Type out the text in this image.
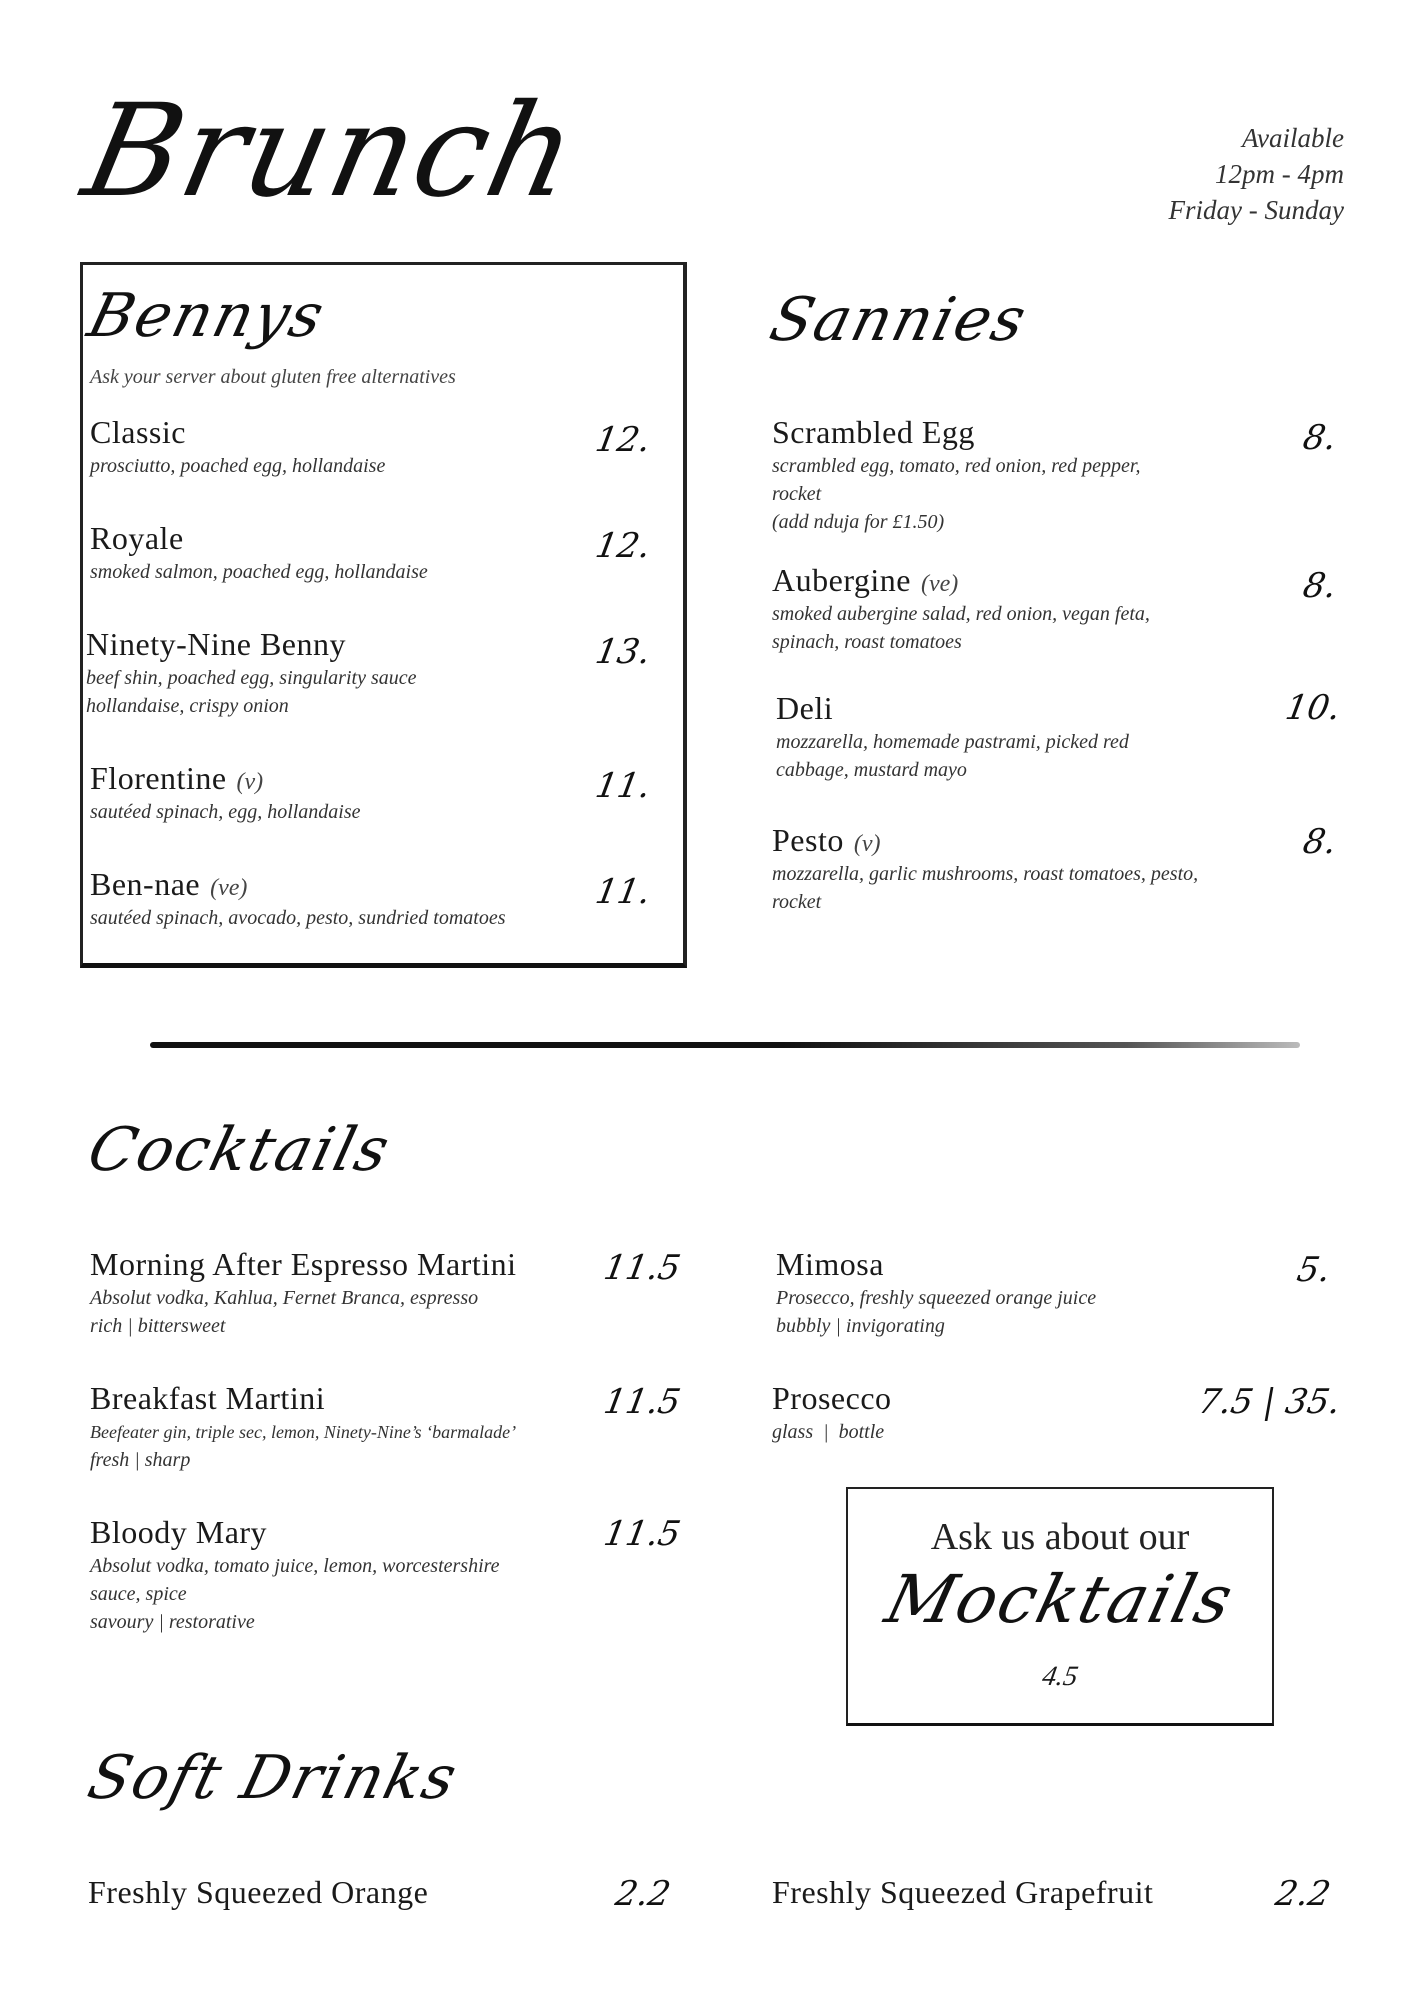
Brunch	Available
12pm - 4pm
Friday - Sunday
Bennys
Ask your server about gluten free alternatives
Classic
prosciutto, poached egg, hollandaise
12.
Royale
smoked salmon, poached egg, hollandaise
12.
Ninety-Nine Benny
beef shin, poached egg, singularity sauce
hollandaise, crispy onion
13.
Florentine (v)
sautéed spinach, egg, hollandaise
11.
Ben-nae (ve)
sautéed spinach, avocado, pesto, sundried tomatoes
11.
Sannies
Scrambled Egg
scrambled egg, tomato, red onion, red pepper,
rocket
(add nduja for £1.50)
8.
Aubergine (ve)
smoked aubergine salad, red onion, vegan feta,
spinach, roast tomatoes
8.
Deli
mozzarella, homemade pastrami, picked red
cabbage, mustard mayo
10.
Pesto (v)
mozzarella, garlic mushrooms, roast tomatoes, pesto,
rocket
8.
Cocktails
Morning After Espresso Martini
Absolut vodka, Kahlua, Fernet Branca, espresso
rich | bittersweet
11.5
Breakfast Martini
Beefeater gin, triple sec, lemon, Ninety-Nine’s ‘barmalade’
fresh | sharp
11.5
Bloody Mary
Absolut vodka, tomato juice, lemon, worcestershire
sauce, spice
savoury | restorative
11.5
Mimosa
Prosecco, freshly squeezed orange juice
bubbly | invigorating
5.
Prosecco
glass  |  bottle
7.5 | 35.
Ask us about our
Mocktails
4.5
Soft Drinks
Freshly Squeezed Orange	2.2	Freshly Squeezed Grapefruit	2.2
